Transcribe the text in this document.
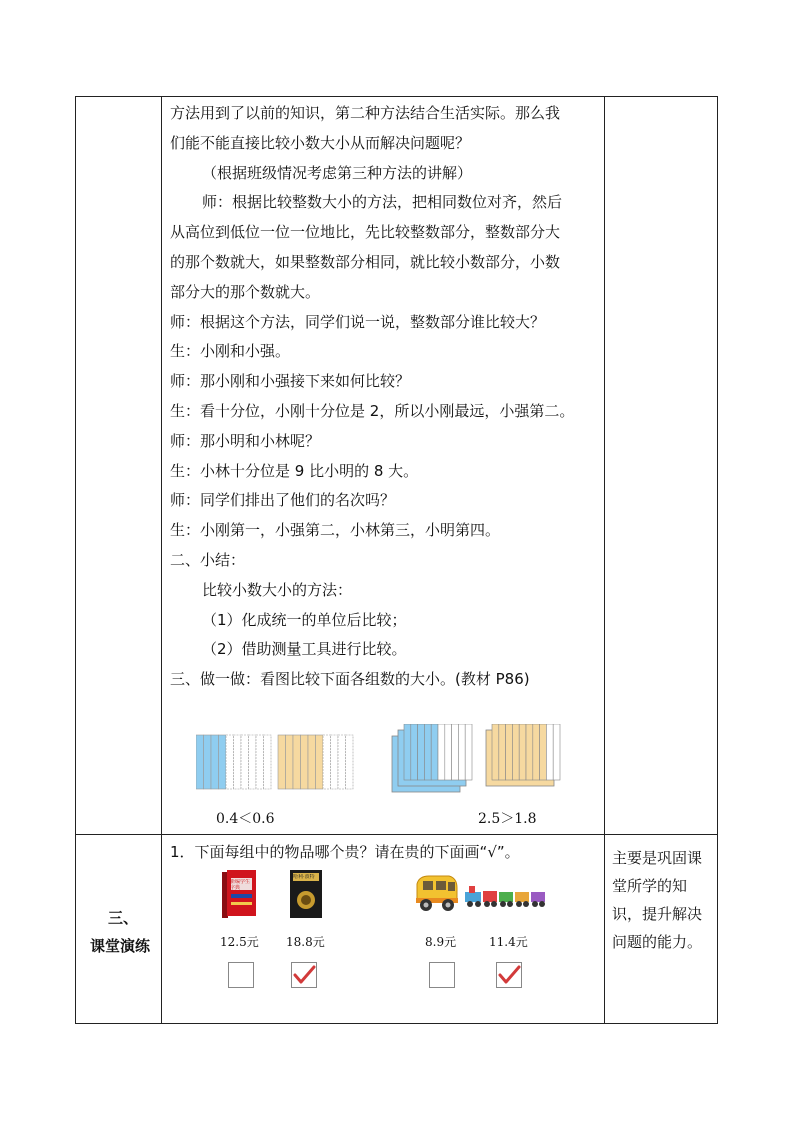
方法用到了以前的知识，第二种方法结合生活实际。那么我
们能不能直接比较小数大小从而解决问题呢？
（根据班级情况考虑第三种方法的讲解）
师：根据比较整数大小的方法，把相同数位对齐，然后
从高位到低位一位一位地比，先比较整数部分，整数部分大
的那个数就大，如果整数部分相同，就比较小数部分，小数
部分大的那个数就大。
师：根据这个方法，同学们说一说，整数部分谁比较大？
生：小刚和小强。
师：那小刚和小强接下来如何比较？
生：看十分位，小刚十分位是 2，所以小刚最远，小强第二。
师：那小明和小林呢？
生：小林十分位是 9 比小明的 8 大。
师：同学们排出了他们的名次吗？
生：小刚第一，小强第二，小林第三，小明第四。
二、小结：
比较小数大小的方法：
（1）化成统一的单位后比较；
（2）借助测量工具进行比较。
三、做一做：看图比较下面各组数的大小。(教材 P86)
0.4＜0.6	2.5＞1.8
三、
课堂演练
1．下面每组中的物品哪个贵？请在贵的下面画“√”。
新编学生字典
哈利·波特
12.5元 18.8元	8.9元	11.4元
主要是巩固课
堂所学的知
识，提升解决
问题的能力。
